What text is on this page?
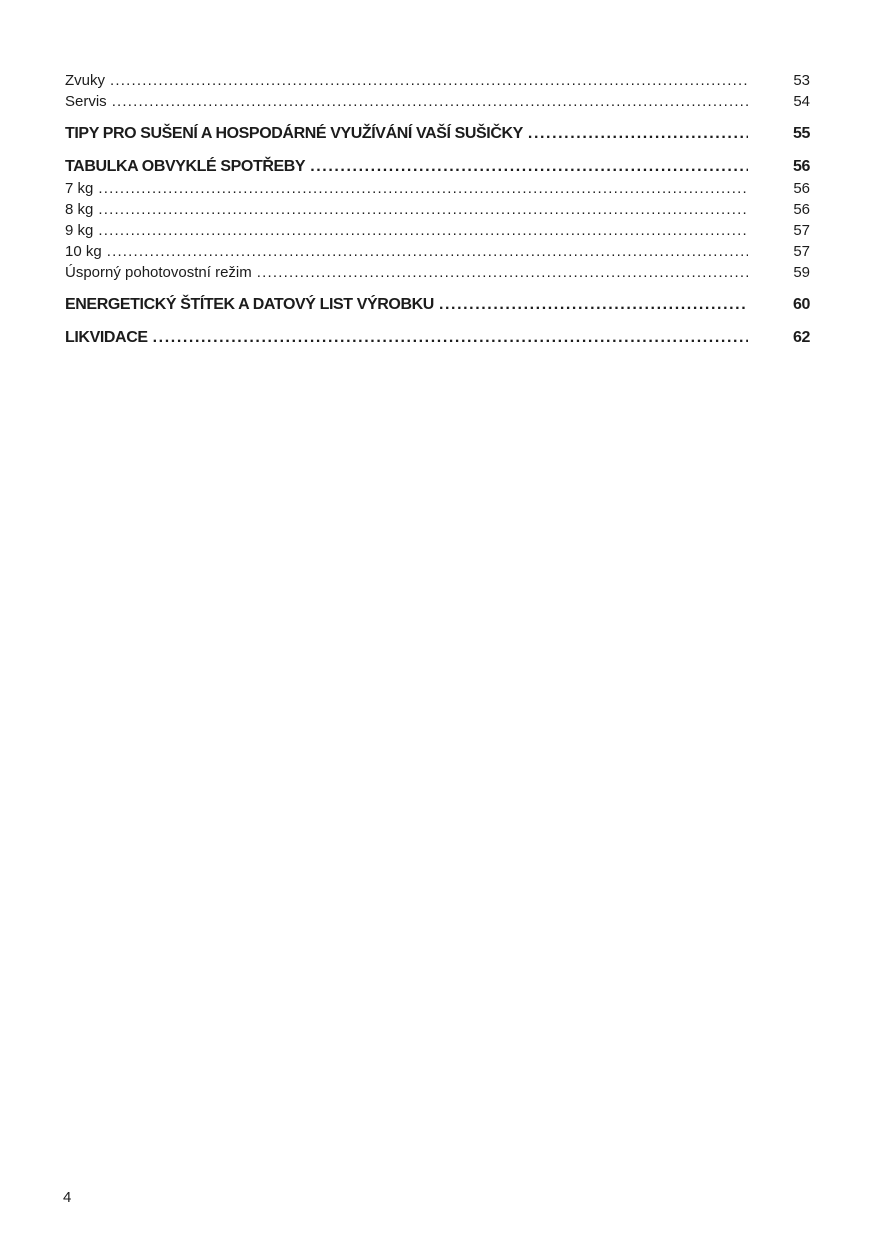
Zvuky .....	53
Servis .....	54
TIPY PRO SUŠENÍ A HOSPODÁRNÉ VYUŽÍVÁNÍ VAŠÍ SUŠIČKY .....	55
TABULKA OBVYKLÉ SPOTŘEBY .....	56
7 kg .....	56
8 kg .....	56
9 kg .....	57
10 kg .....	57
Úsporný pohotovostní režim .....	59
ENERGETICKÝ ŠTÍTEK A DATOVÝ LIST VÝROBKU .....	60
LIKVIDACE .....	62
4
